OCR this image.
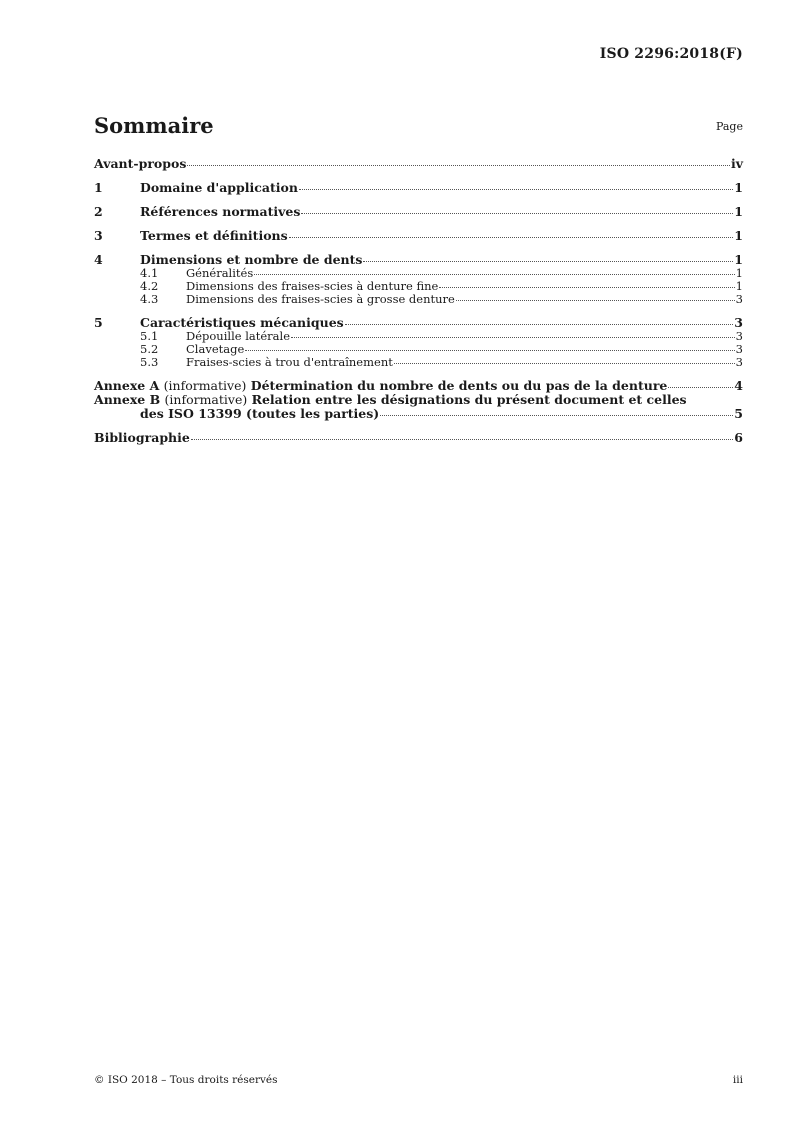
ISO 2296:2018(F)
Sommaire	Page
Avant-propos	iv
1	Domaine d'application	1
2	Références normatives	1
3	Termes et définitions	1
4	Dimensions et nombre de dents	1
4.1	Généralités	1
4.2	Dimensions des fraises-scies à denture fine	1
4.3	Dimensions des fraises-scies à grosse denture	3
5	Caractéristiques mécaniques	3
5.1	Dépouille latérale	3
5.2	Clavetage	3
5.3	Fraises-scies à trou d'entraînement	3
Annexe A (informative) Détermination du nombre de dents ou du pas de la denture	4
Annexe B (informative) Relation entre les désignations du présent document et celles
des ISO 13399 (toutes les parties)	5
Bibliographie	6
© ISO 2018 – Tous droits réservés	iii
